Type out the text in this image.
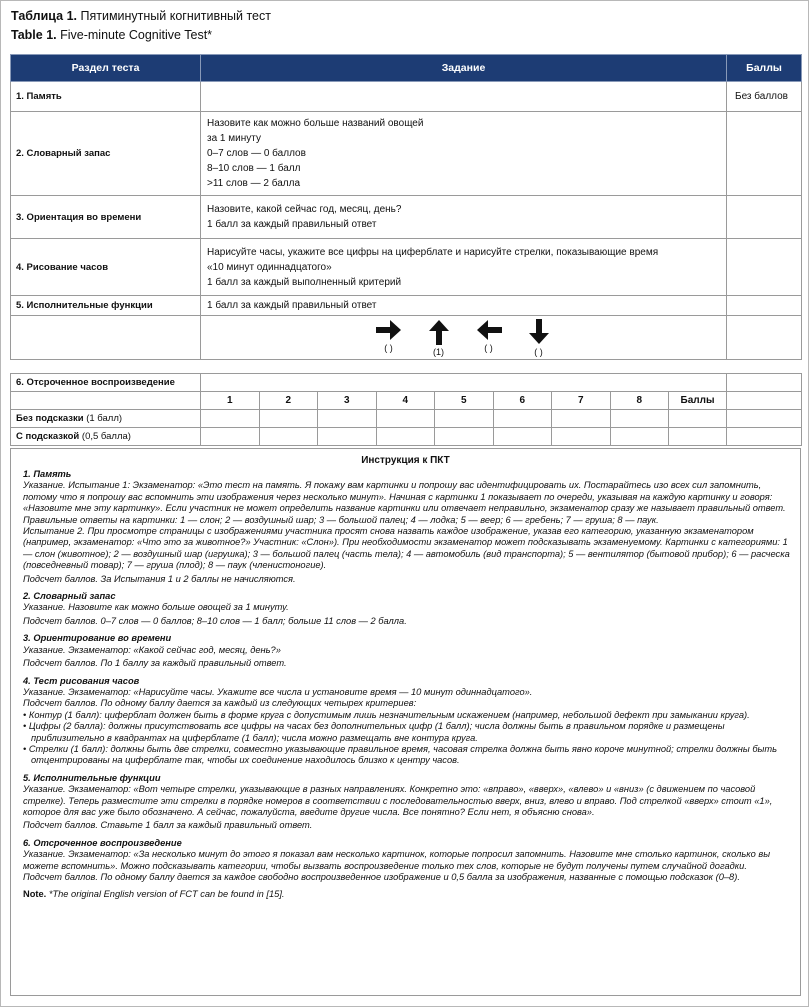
Таблица 1. Пятиминутный когнитивный тест
Table 1. Five-minute Cognitive Test*
Раздел теста	Задание	Баллы
1. Память		Без баллов
2. Словарный запас	Назовите как можно больше названий овощей
за 1 минуту
0–7 слов — 0 баллов
8–10 слов — 1 балл
>11 слов — 2 балла	

3. Ориентация во времени	Назовите, какой сейчас год, месяц, день?
1 балл за каждый правильный ответ	

4. Рисование часов	Нарисуйте часы, укажите все цифры на циферблате и нарисуйте стрелки, показывающие время
«10 минут одиннадцатого»
1 балл за каждый выполненный критерий	

5. Исполнительные функции	1 балл за каждый правильный ответ	

	( ) (1) ( ) ( )	

6. Отсроченное воспроизведение										
	1	2	3	4	5	6	7	8	Баллы	
Без подсказки (1 балл)										
С подсказкой (0,5 балла)										
Инструкция к ПКТ
1. Память
Указание. Испытание 1: Экзаменатор: «Это тест на память. Я покажу вам картинки и попрошу вас идентифицировать их. Постарайтесь изо всех сил запомнить, потому что я попрошу вас вспомнить эти изображения через несколько минут». Начиная с картинки 1 показывает по очереди, указывая на каждую картинку и говоря: «Назовите мне эту картинку». Если участник не может определить название картинки или отвечает неправильно, экзаменатор сразу же называет правильный ответ. Правильные ответы на картинки: 1 — слон; 2 — воздушный шар; 3 — большой палец; 4 — лодка; 5 — веер; 6 — гребень; 7 — груша; 8 — паук.
Испытание 2. При просмотре страницы с изображениями участника просят снова назвать каждое изображение, указав его категорию, указанную экзаменатором (например, экзаменатор: «Что это за животное?» Участник: «Слон»). При необходимости экзаменатор может подсказывать экзаменуемому. Картинки с категориями: 1 — слон (животное); 2 — воздушный шар (игрушка); 3 — большой палец (часть тела); 4 — автомобиль (вид транспорта); 5 — вентилятор (бытовой прибор); 6 — расческа (повседневный товар); 7 — груша (плод); 8 — паук (членистоногие).
Подсчет баллов. За Испытания 1 и 2 баллы не начисляются.
2. Словарный запас
Указание. Назовите как можно больше овощей за 1 минуту.
Подсчет баллов. 0–7 слов — 0 баллов; 8–10 слов — 1 балл; больше 11 слов — 2 балла.
3. Ориентирование во времени
Указание. Экзаменатор: «Какой сейчас год, месяц, день?»
Подсчет баллов. По 1 баллу за каждый правильный ответ.
4. Тест рисования часов
Указание. Экзаменатор: «Нарисуйте часы. Укажите все числа и установите время — 10 минут одиннадцатого».
Подсчет баллов. По одному баллу дается за каждый из следующих четырех критериев:
• Контур (1 балл): циферблат должен быть в форме круга с допустимым лишь незначительным искажением (например, небольшой дефект при замыкании круга).
• Цифры (2 балла): должны присутствовать все цифры на часах без дополнительных цифр (1 балл); числа должны быть в правильном порядке и размещены приблизительно в квадрантах на циферблате (1 балл); числа можно размещать вне контура круга.
• Стрелки (1 балл): должны быть две стрелки, совместно указывающие правильное время, часовая стрелка должна быть явно короче минутной; стрелки должны быть отцентрированы на циферблате так, чтобы их соединение находилось близко к центру часов.
5. Исполнительные функции
Указание. Экзаменатор: «Вот четыре стрелки, указывающие в разных направлениях. Конкретно это: «вправо», «вверх», «влево» и «вниз» (с движением по часовой стрелке). Теперь разместите эти стрелки в порядке номеров в соответствии с последовательностью вверх, вниз, влево и вправо. Под стрелкой «вверх» стоит «1», которое для вас уже было обозначено. А сейчас, пожалуйста, введите другие числа. Все понятно? Если нет, я объясню снова».
Подсчет баллов. Ставьте 1 балл за каждый правильный ответ.
6. Отсроченное воспроизведение
Указание. Экзаменатор: «За несколько минут до этого я показал вам несколько картинок, которые попросил запомнить. Назовите мне столько картинок, сколько вы можете вспомнить». Можно подсказывать категории, чтобы вызвать воспроизведение только тех слов, которые не будут получены путем случайной догадки.
Подсчет баллов. По одному баллу дается за каждое свободно воспроизведенное изображение и 0,5 балла за изображения, названные с помощью подсказок (0–8).
Note. *The original English version of FCT can be found in [15].
